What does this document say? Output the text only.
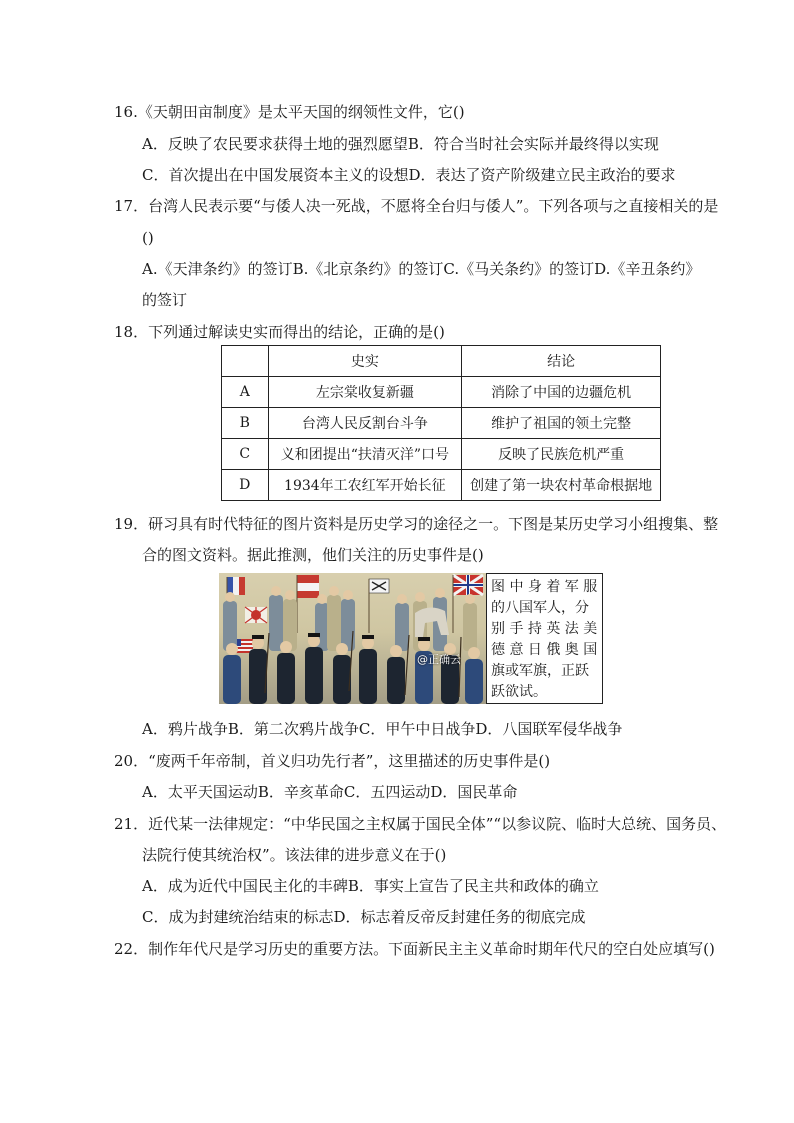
16.《天朝田亩制度》是太平天国的纲领性文件，它()
A．反映了农民要求获得土地的强烈愿望B．符合当时社会实际并最终得以实现
C．首次提出在中国发展资本主义的设想D．表达了资产阶级建立民主政治的要求
17．台湾人民表示要“与倭人决一死战，不愿将全台归与倭人”。下列各项与之直接相关的是
()
A.《天津条约》的签订B.《北京条约》的签订C.《马关条约》的签订D.《辛丑条约》
的签订
18．下列通过解读史实而得出的结论，正确的是()
	史实	结论
A	左宗棠收复新疆	消除了中国的边疆危机
B	台湾人民反割台斗争	维护了祖国的领土完整
C	义和团提出“扶清灭洋”口号	反映了民族危机严重
D	1934年工农红军开始长征	创建了第一块农村革命根据地
19．研习具有时代特征的图片资料是历史学习的途径之一。下图是某历史学习小组搜集、整
合的图文资料。据此推测，他们关注的历史事件是()
@正确云
图 中 身 着 军 服
的八国军人，分
别 手 持 英 法 美
德 意 日 俄 奥 国
旗或军旗，正跃
跃欲试。
A．鸦片战争B．第二次鸦片战争C．甲午中日战争D．八国联军侵华战争
20．“废两千年帝制，首义归功先行者”，这里描述的历史事件是()
A．太平天国运动B．辛亥革命C．五四运动D．国民革命
21．近代某一法律规定：“中华民国之主权属于国民全体”“以参议院、临时大总统、国务员、
法院行使其统治权”。该法律的进步意义在于()
A．成为近代中国民主化的丰碑B．事实上宣告了民主共和政体的确立
C．成为封建统治结束的标志D．标志着反帝反封建任务的彻底完成
22．制作年代尺是学习历史的重要方法。下面新民主主义革命时期年代尺的空白处应填写()
